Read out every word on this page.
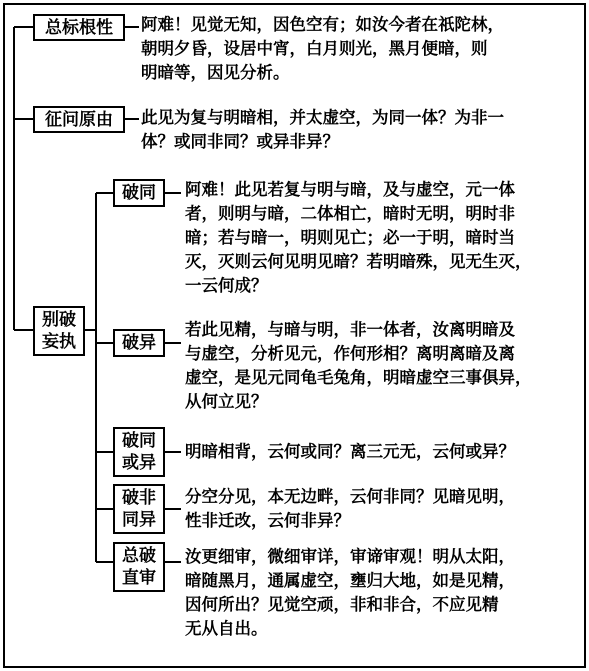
总标根性
征问原由
别破
妄执
破同
破异
破同
或异
破非
同异
总破
直审
阿难！见觉无知，因色空有；如汝今者在祇陀林，
朝明夕昏，设居中宵，白月则光，黑月便暗，则
明暗等，因见分析。
此见为复与明暗相，并太虚空，为同一体？为非一
体？或同非同？或异非异？
阿难！此见若复与明与暗，及与虚空，元一体
者，则明与暗，二体相亡，暗时无明，明时非
暗；若与暗一，明则见亡；必一于明，暗时当
灭，灭则云何见明见暗？若明暗殊，见无生灭，
一云何成？
若此见精，与暗与明，非一体者，汝离明暗及
与虚空，分析见元，作何形相？离明离暗及离
虚空，是见元同龟毛兔角，明暗虚空三事俱异，
从何立见？
明暗相背，云何或同？离三元无，云何或异？
分空分见，本无边畔，云何非同？见暗见明，
性非迁改，云何非异？
汝更细审，微细审详，审谛审观！明从太阳，
暗随黑月，通属虚空，壅归大地，如是见精，
因何所出？见觉空顽，非和非合，不应见精
无从自出。
